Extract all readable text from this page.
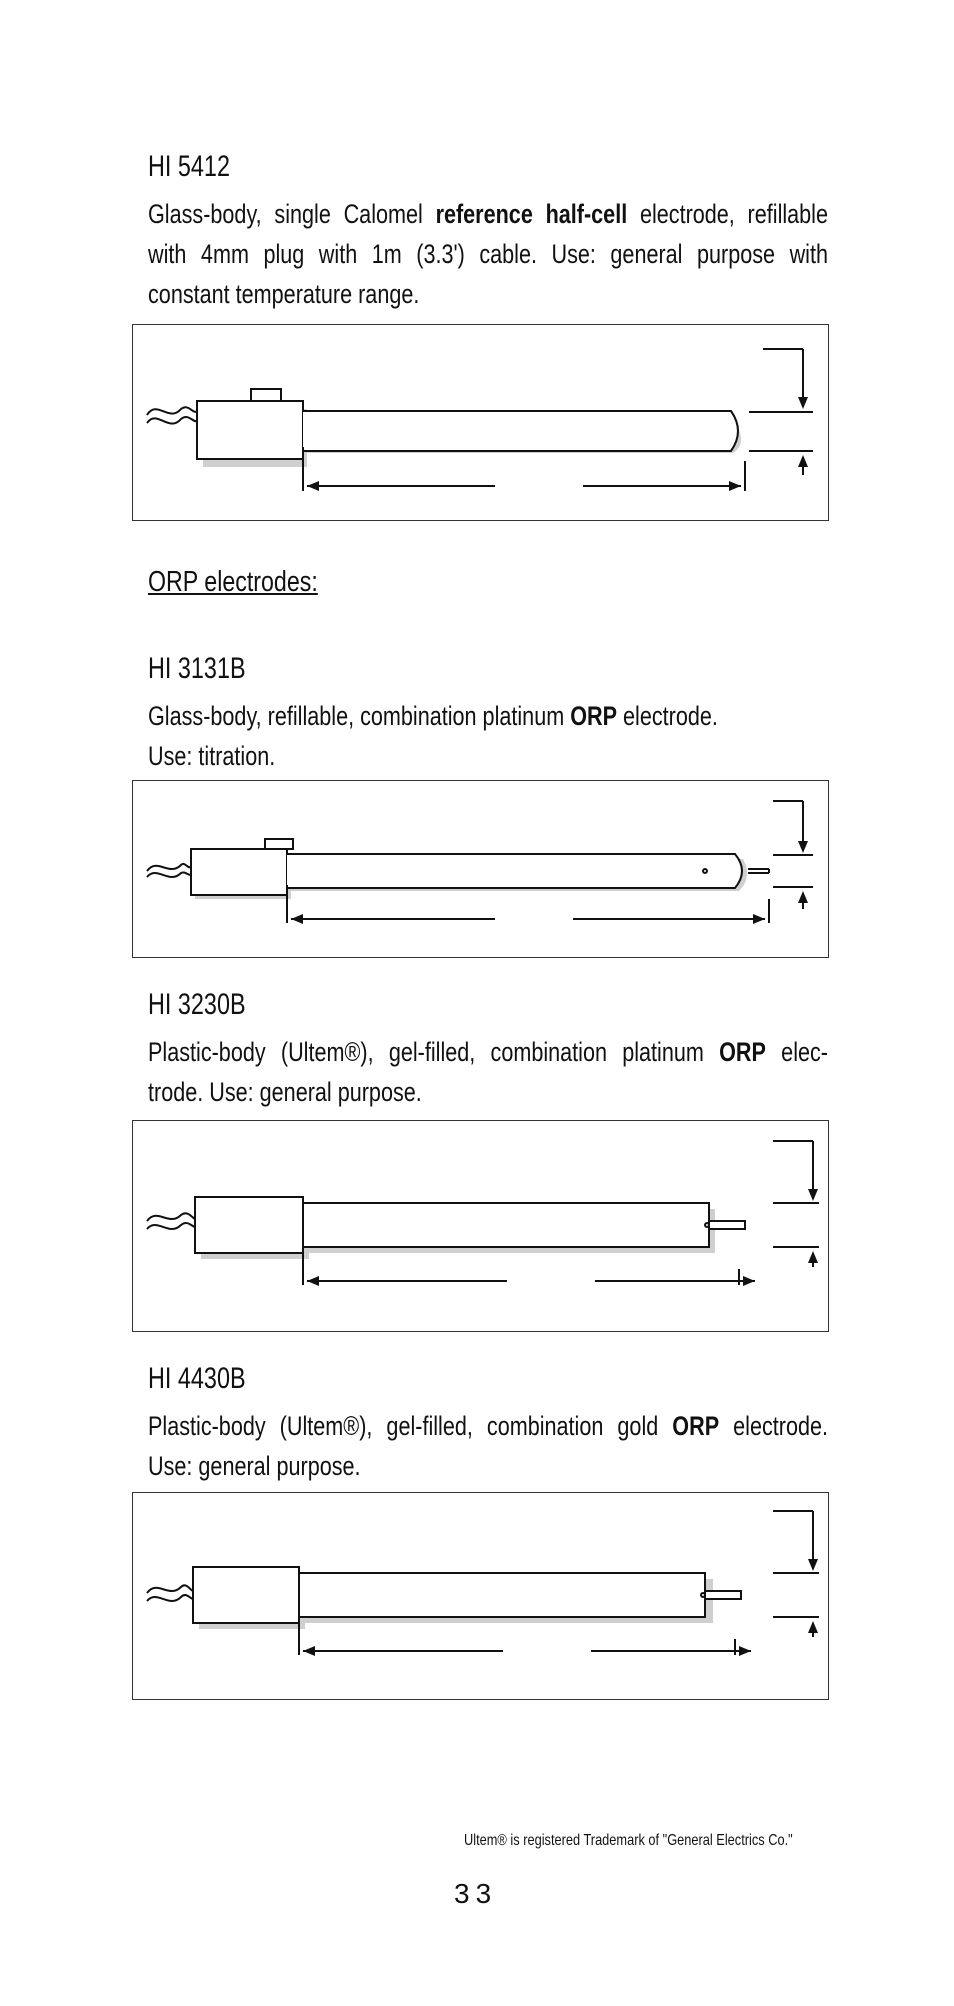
HI 5412

Glass-body, single Calomel reference half-cell electrode, refillable

with 4mm plug with 1m (3.3') cable. Use: general purpose with

constant temperature range.

ORP electrodes:
HI 3131B

Glass-body, refillable, combination platinum ORP electrode.

Use: titration.

HI 3230B

Plastic-body (Ultem®), gel-filled, combination platinum ORP elec-

trode. Use: general purpose.

HI 4430B

Plastic-body (Ultem®), gel-filled, combination gold ORP electrode.

Use: general purpose.

Ultem® is registered Trademark of "General Electrics Co."
33
